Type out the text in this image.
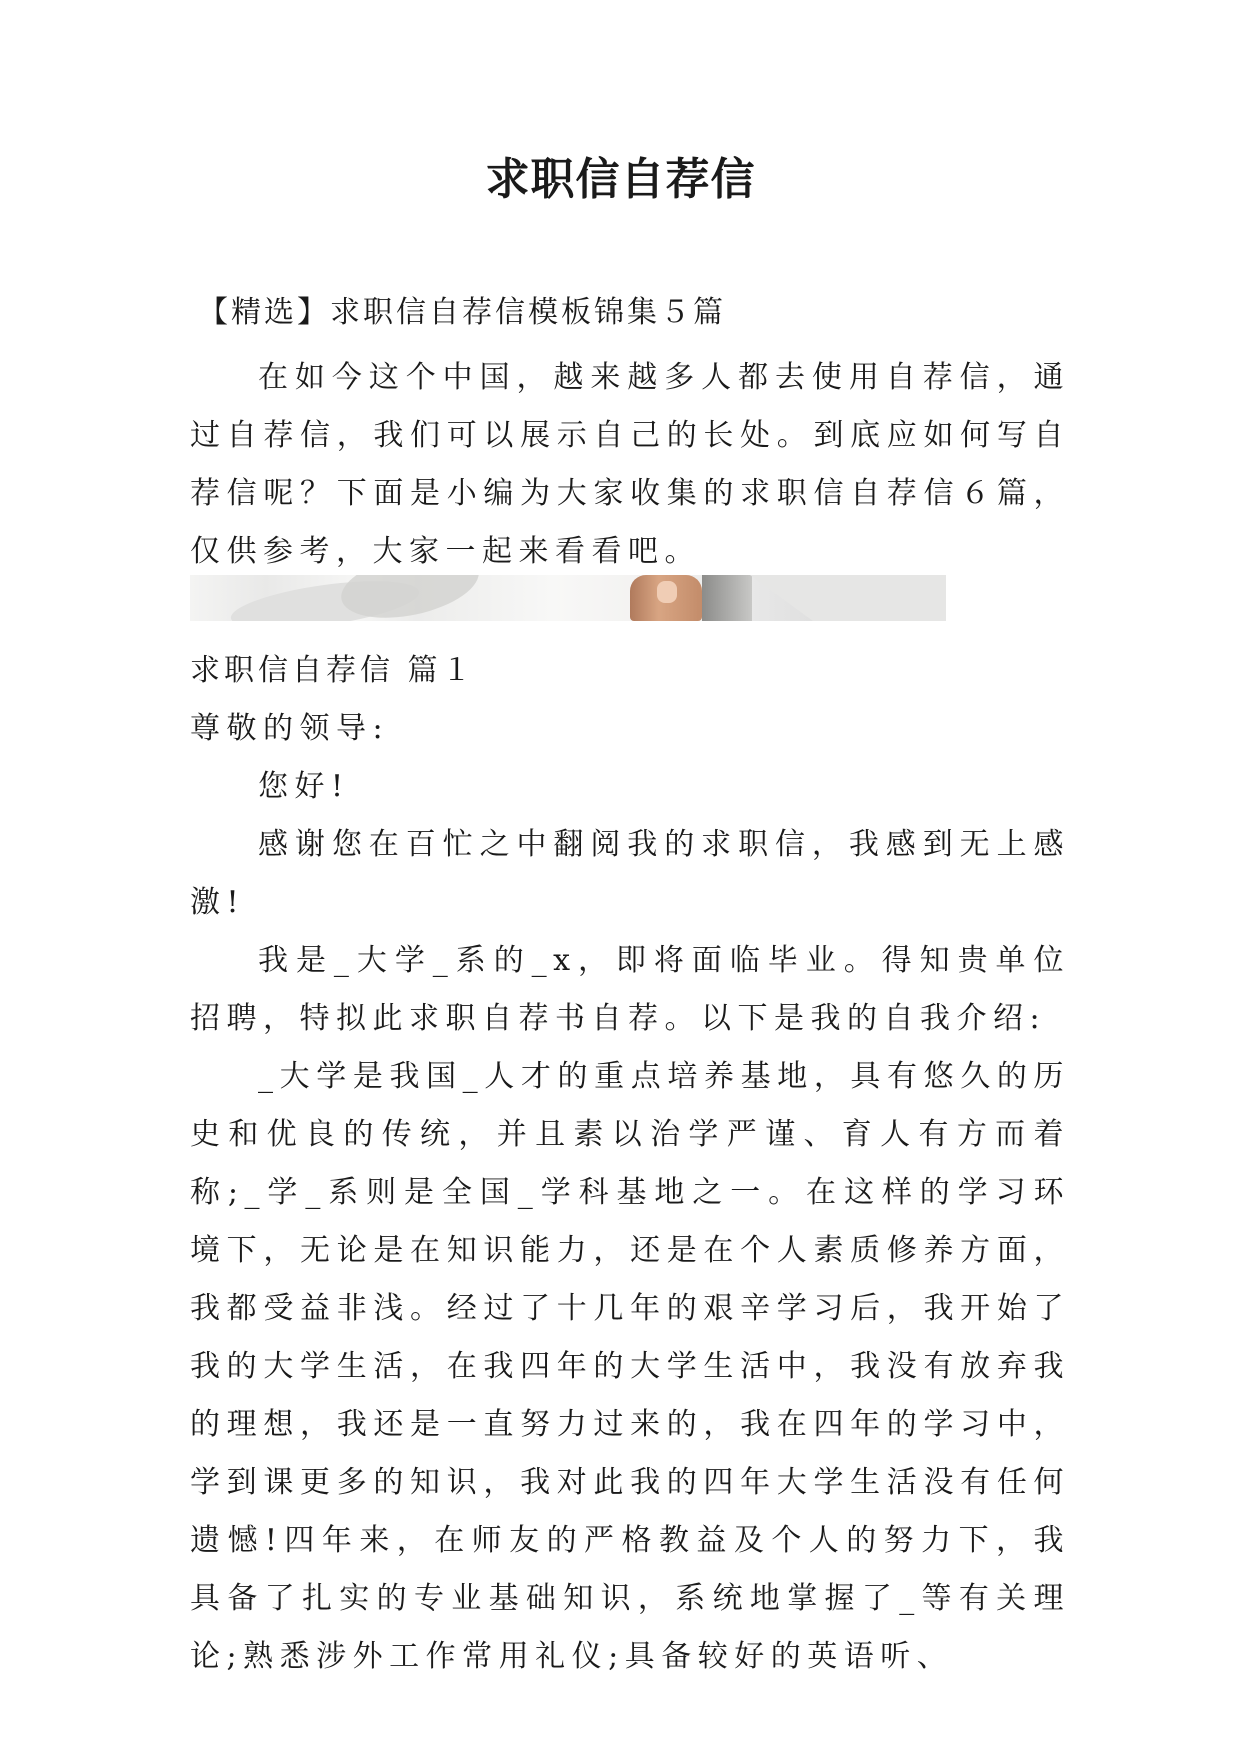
求职信自荐信
【精选】求职信自荐信模板锦集５篇

在如今这个中国，越来越多人都去使用自荐信，通过自荐信，我们可以展示自己的长处。到底应如何写自荐信呢？下面是小编为大家收集的求职信自荐信６篇，仅供参考，大家一起来看看吧。

求职信自荐信 篇１

尊敬的领导:

您好!

感谢您在百忙之中翻阅我的求职信，我感到无上感激!

我是_大学_系的_x，即将面临毕业。得知贵单位招聘，特拟此求职自荐书自荐。以下是我的自我介绍:

_大学是我国_人才的重点培养基地，具有悠久的历史和优良的传统，并且素以治学严谨、育人有方而着称;_学_系则是全国_学科基地之一。在这样的学习环境下，无论是在知识能力，还是在个人素质修养方面，我都受益非浅。经过了十几年的艰辛学习后，我开始了我的大学生活，在我四年的大学生活中，我没有放弃我的理想，我还是一直努力过来的，我在四年的学习中，学到课更多的知识，我对此我的四年大学生活没有任何遗憾!四年来，在师友的严格教益及个人的努力下，我具备了扎实的专业基础知识，系统地掌握了_等有关理论;熟悉涉外工作常用礼仪;具备较好的英语听、
